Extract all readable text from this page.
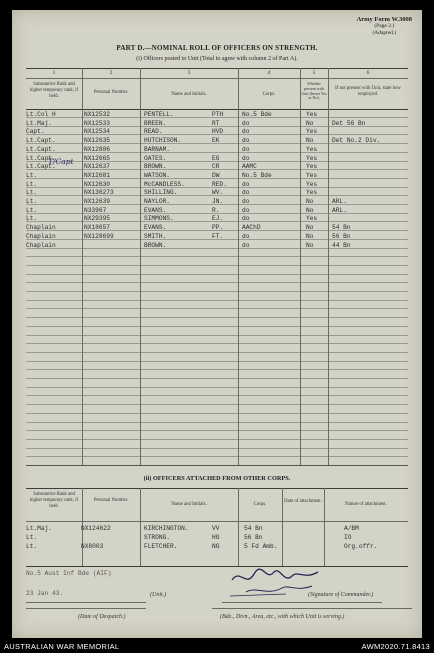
Army Form W.3008
(Page 2.)
(Adapted.)
PART D.—NOMINAL ROLL OF OFFICERS ON STRENGTH.
(i) Officers posted to Unit (Total to agree with column 2 of Part A).
1	2	3	4	5	6
Substantive Rank and higher temporary rank, if held.
Personal Number.	Name and Initials.	Corps.
Whether present with Unit (Insert Yes or No).
If not present with Unit, state how employed.
Lt.Col H	NX12532	PENTELL.	PTH	No.5 Bde	Yes
Lt.Maj.	NX12533	BREEN.	RT	do	No	Det 56 Bn
Capt.	NX12534	READ.	HVD	do	Yes
Lt.Capt.	NX12635	HUTCHISON.	EK	do	No	Det No.2 Div.
Lt.Capt.	NX12806	BARNAM.	do	Yes
Lt.Capt.	NX12665	OATES.	EG	do	Yes
Lt.Capt.	NX12637	BROWN.	CR	AAMC	Yes
Lt.	NX12681	WATSON.	DW	No.5 Bde	Yes
Lt.	NX12630	McCANDLESS.	RED. do	Yes
Lt.	NX136273	SHILLING.	WV.	do	Yes
Lt.	NX12639	NAYLOR.	JN.	do	No	ARL.
Lt.	N33967	EVANS.	R.	do	No	ARL.
Lt.	NX29395	SIMMONS.	EJ.	do	Yes
Chaplain	NX18657	EVANS.	PP.	AAChD	No	54 Bn
Chaplain	NX128699	SMITH.	FT.	do	No	56 Bn
Chaplain	BROWN.	do	No	44 Bn
T/Capt
(ii) OFFICERS ATTACHED FROM OTHER CORPS.
Substantive Rank and higher temporary rank, if held.
Personal Number.
Name and Initials.	Corps.
Date of attachment.
Nature of attachment.
Lt.Maj.	NX124622	KIRCHINGTON.	VV	54 Bn	A/BM
Lt.	STRONG.	HG	56 Bn	IO
Lt.	NX8003	FLETCHER.	NG	5 Fd Amb.	Org.offr.
No.5 Aust Inf Bde (AIF)
23 Jan 43.	(Unit.)	(Signature of Commander.)
(Date of Despatch.)	(Bde., Divn., Area, etc., with which Unit is serving.)
AUSTRALIAN WAR MEMORIAL	AWM2020.71.8413
